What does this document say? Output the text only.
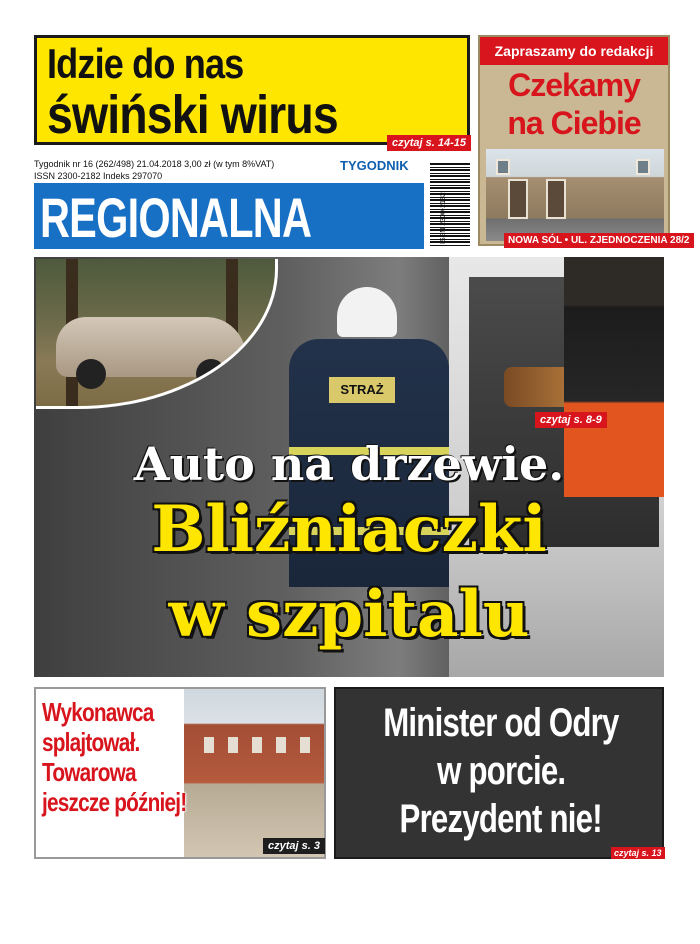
Idzie do nas
świński wirus	czytaj s. 14-15
Zapraszamy do redakcji
Czekamy
na Ciebie
NOWA SÓL • UL. ZJEDNOCZENIA 28/2
Tygodnik nr 16 (262/498) 21.04.2018 3,00 zł (w tym 8%VAT)
ISSN 2300-2182 Indeks 297070
TYGODNIK
REGIONALNA	ISSN 2300-2182
STRAŻ
Auto na drzewie.
Bliźniaczki
w szpitalu
czytaj s. 8-9
Wykonawca
splajtował.
Towarowa
jeszcze później!
czytaj s. 3
Minister od Odry
w porcie.
Prezydent nie!
czytaj s. 13
